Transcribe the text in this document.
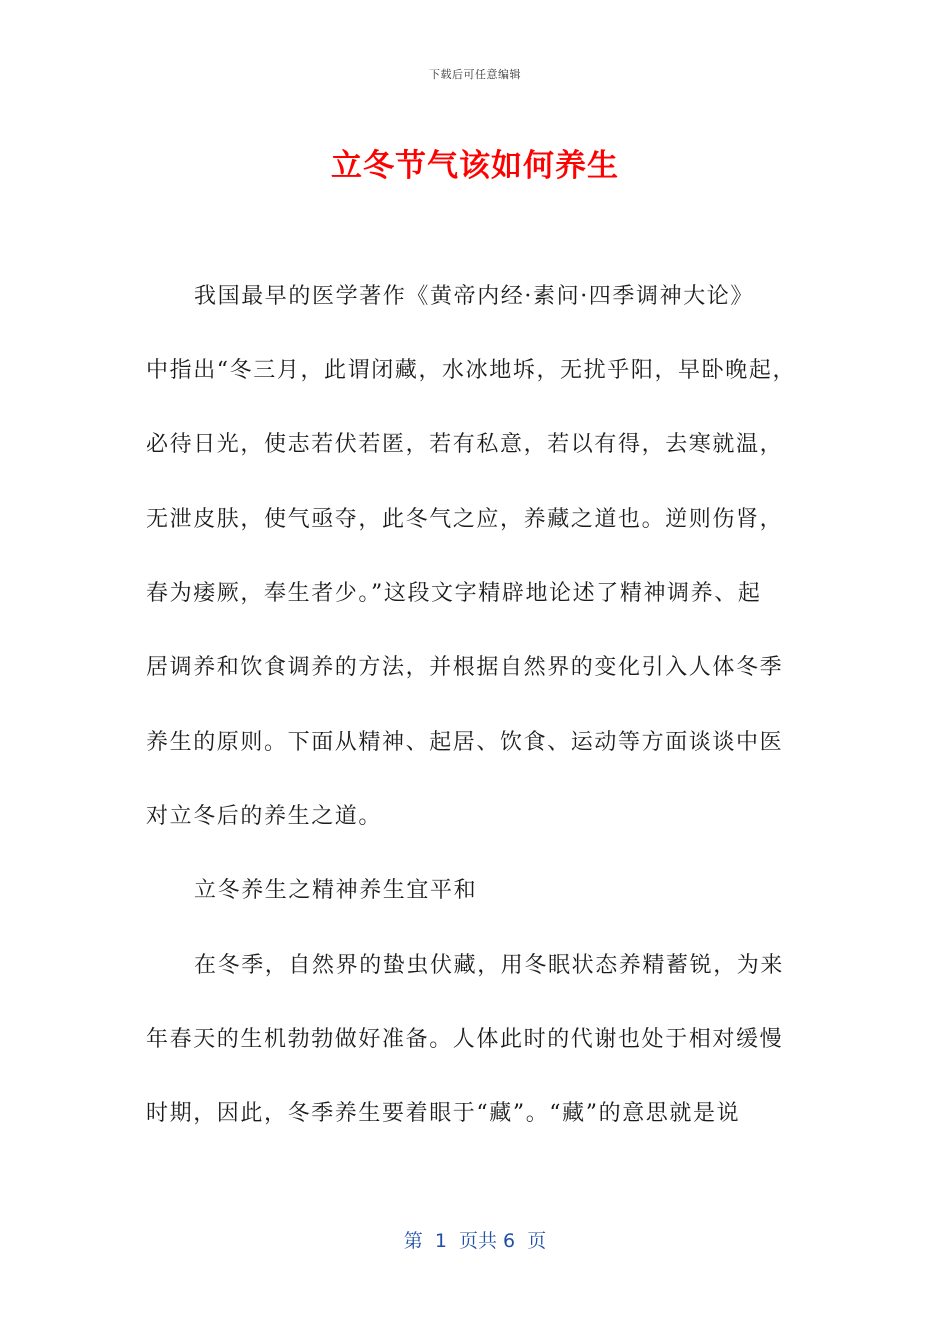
下载后可任意编辑
立冬节气该如何养生

我国最早的医学著作《黄帝内经·素问·四季调神大论》

中指出“冬三月，此谓闭藏，水冰地坼，无扰乎阳，早卧晚起，

必待日光，使志若伏若匿，若有私意，若以有得，去寒就温，

无泄皮肤，使气亟夺，此冬气之应，养藏之道也。逆则伤肾，

春为痿厥，奉生者少。”这段文字精辟地论述了精神调养、起

居调养和饮食调养的方法，并根据自然界的变化引入人体冬季

养生的原则。下面从精神、起居、饮食、运动等方面谈谈中医

对立冬后的养生之道。

立冬养生之精神养生宜平和

在冬季，自然界的蛰虫伏藏，用冬眠状态养精蓄锐，为来

年春天的生机勃勃做好准备。人体此时的代谢也处于相对缓慢

时期，因此，冬季养生要着眼于“藏”。“藏”的意思就是说

第  1  页共 6  页
